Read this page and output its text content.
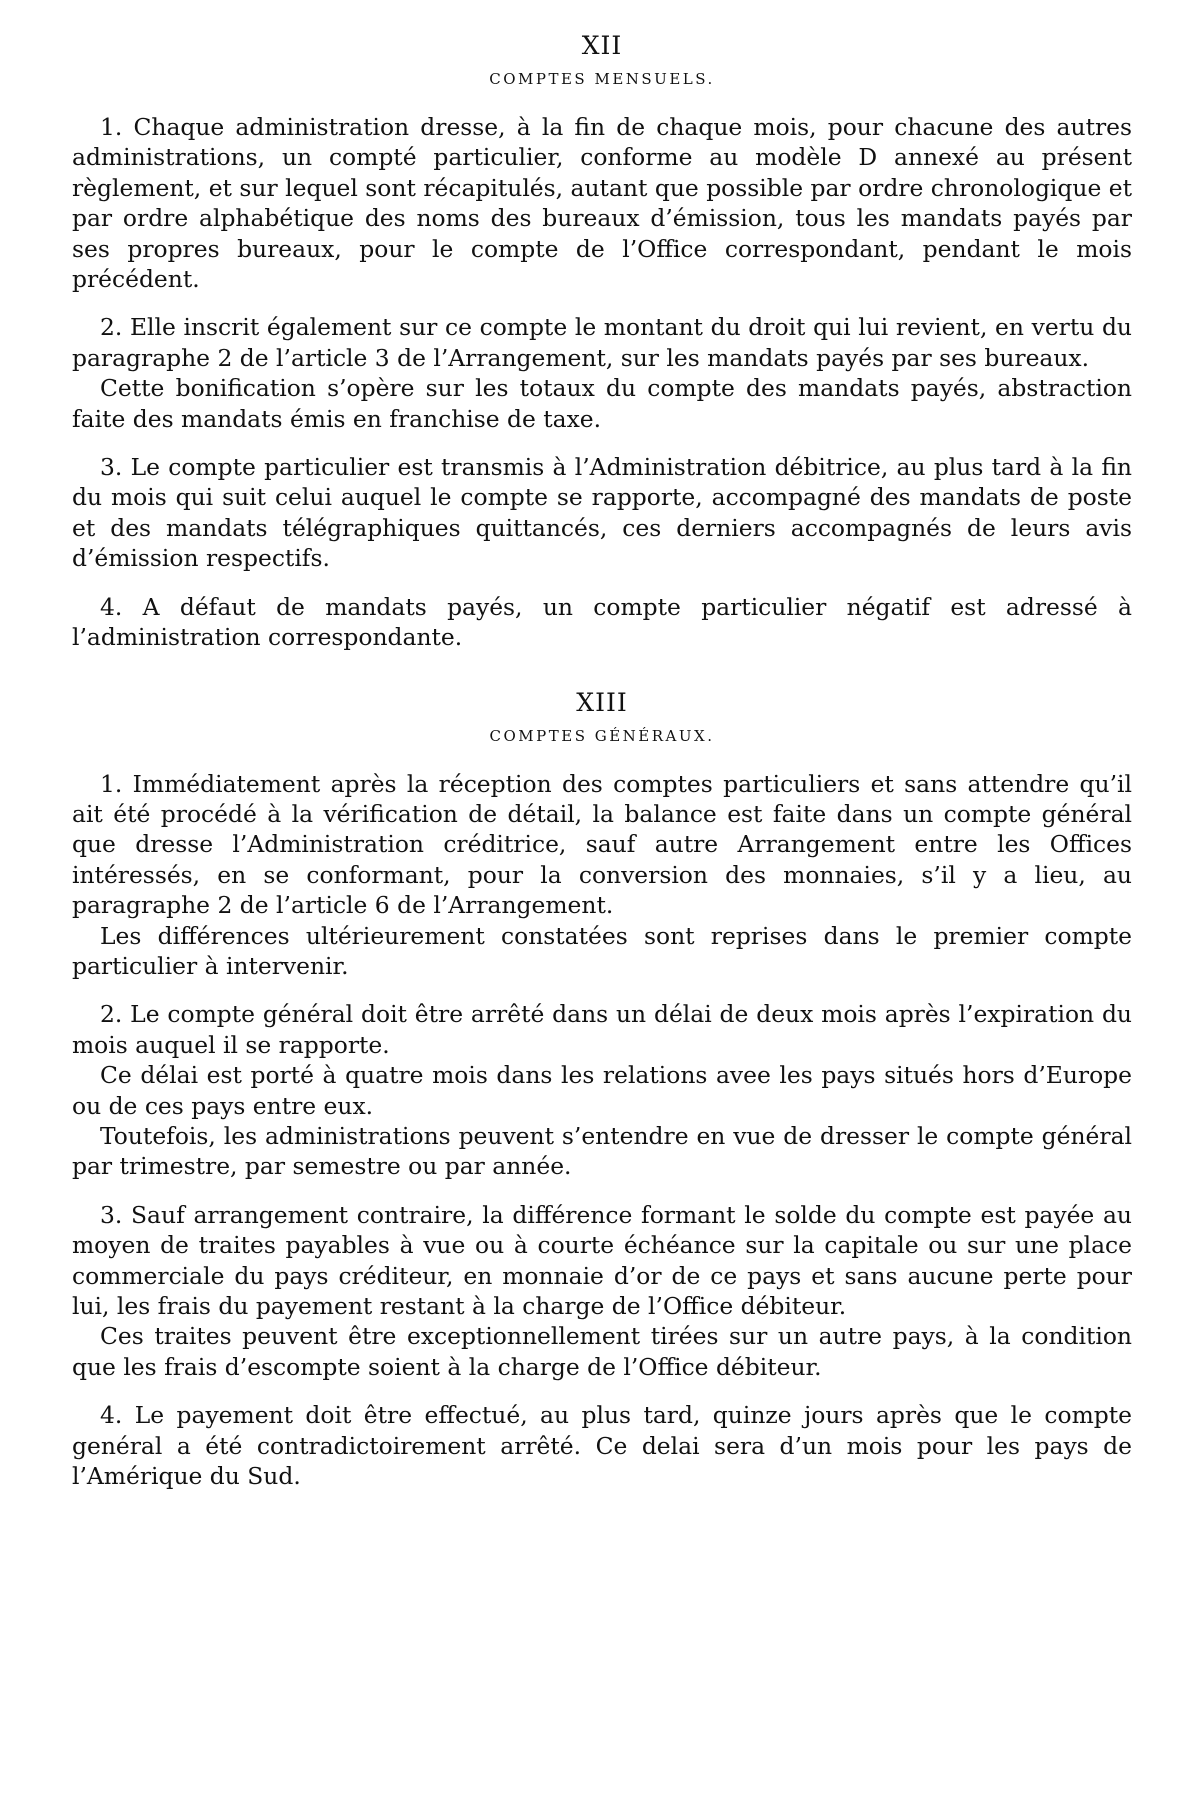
XII

COMPTES MENSUELS.

1. Chaque administration dresse, à la fin de chaque mois, pour chacune des autres administrations, un compté particulier, conforme au modèle D annexé au présent règlement, et sur lequel sont récapitulés, autant que possible par ordre chronologique et par ordre alphabétique des noms des bureaux d’émission, tous les mandats payés par ses propres bureaux, pour le compte de l’Office correspondant, pendant le mois précédent.

2. Elle inscrit également sur ce compte le montant du droit qui lui revient, en vertu du paragraphe 2 de l’article 3 de l’Arrangement, sur les mandats payés par ses bureaux.

Cette bonification s’opère sur les totaux du compte des mandats payés, abstraction faite des mandats émis en franchise de taxe.

3. Le compte particulier est transmis à l’Administration débitrice, au plus tard à la fin du mois qui suit celui auquel le compte se rapporte, accompagné des mandats de poste et des mandats télégraphiques quittancés, ces derniers accompagnés de leurs avis d’émission respectifs.

4. A défaut de mandats payés, un compte particulier négatif est adressé à l’administration correspondante.

XIII

COMPTES GÉNÉRAUX.

1. Immédiatement après la réception des comptes particuliers et sans attendre qu’il ait été procédé à la vérification de détail, la balance est faite dans un compte général que dresse l’Administration créditrice, sauf autre Arrangement entre les Offices intéressés, en se conformant, pour la conversion des monnaies, s’il y a lieu, au paragraphe 2 de l’article 6 de l’Arrangement.

Les différences ultérieurement constatées sont reprises dans le premier compte particulier à intervenir.

2. Le compte général doit être arrêté dans un délai de deux mois après l’expiration du mois auquel il se rapporte.

Ce délai est porté à quatre mois dans les relations avee les pays situés hors d’Europe ou de ces pays entre eux.

Toutefois, les administrations peuvent s’entendre en vue de dresser le compte général par trimestre, par semestre ou par année.

3. Sauf arrangement contraire, la différence formant le solde du compte est payée au moyen de traites payables à vue ou à courte échéance sur la capitale ou sur une place commerciale du pays créditeur, en monnaie d’or de ce pays et sans aucune perte pour lui, les frais du payement restant à la charge de l’Office débiteur.

Ces traites peuvent être exceptionnellement tirées sur un autre pays, à la condition que les frais d’escompte soient à la charge de l’Office débiteur.

4. Le payement doit être effectué, au plus tard, quinze jours après que le compte genéral a été contradictoirement arrêté. Ce delai sera d’un mois pour les pays de l’Amérique du Sud.
